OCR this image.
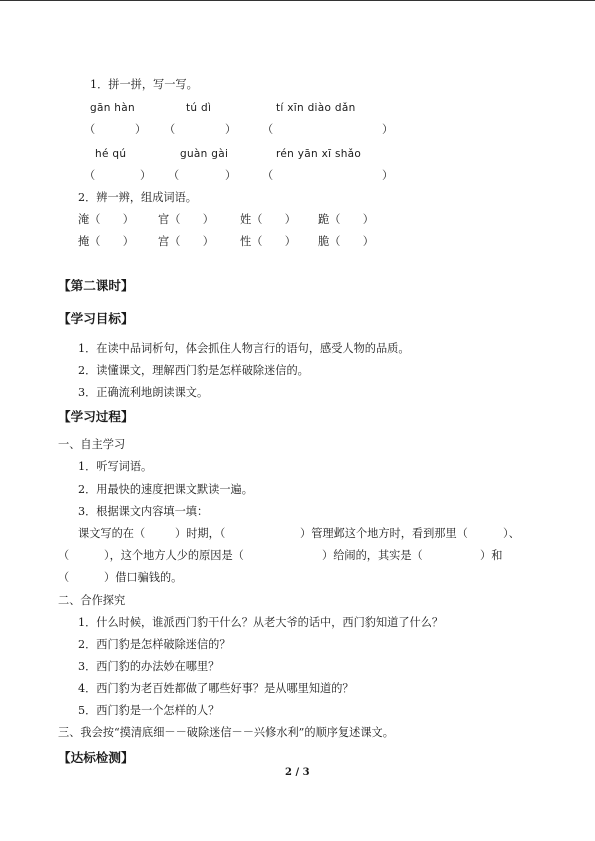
1．拼一拼，写一写。
gān hàn	tú dì	tí xīn diào dǎn
（	） （	） （	）
hé qú	guàn gài	rén yān xī shǎo
（	） （	） （	）
2．辨一辨，组成词语。
淹（　　） 官（　　） 姓（　　） 跪（　　）
掩（　　） 宫（　　） 性（　　） 脆（　　）
【第二课时】
【学习目标】
1．在读中品词析句，体会抓住人物言行的语句，感受人物的品质。
2．读懂课文，理解西门豹是怎样破除迷信的。
3．正确流利地朗读课文。
【学习过程】
一、自主学习
1．听写词语。
2．用最快的速度把课文默读一遍。
3．根据课文内容填一填：
课文写的在（	）时期，（	）管理邺这个地方时，看到那里（	）、
（	），这个地方人少的原因是（	）给闹的，其实是（	）和
（	）借口骗钱的。
二、合作探究
1．什么时候，谁派西门豹干什么？从老大爷的话中，西门豹知道了什么？
2．西门豹是怎样破除迷信的？
3．西门豹的办法妙在哪里？
4．西门豹为老百姓都做了哪些好事？是从哪里知道的？
5．西门豹是一个怎样的人？
三、我会按“摸清底细－－破除迷信－－兴修水利”的顺序复述课文。
【达标检测】
2 / 3
